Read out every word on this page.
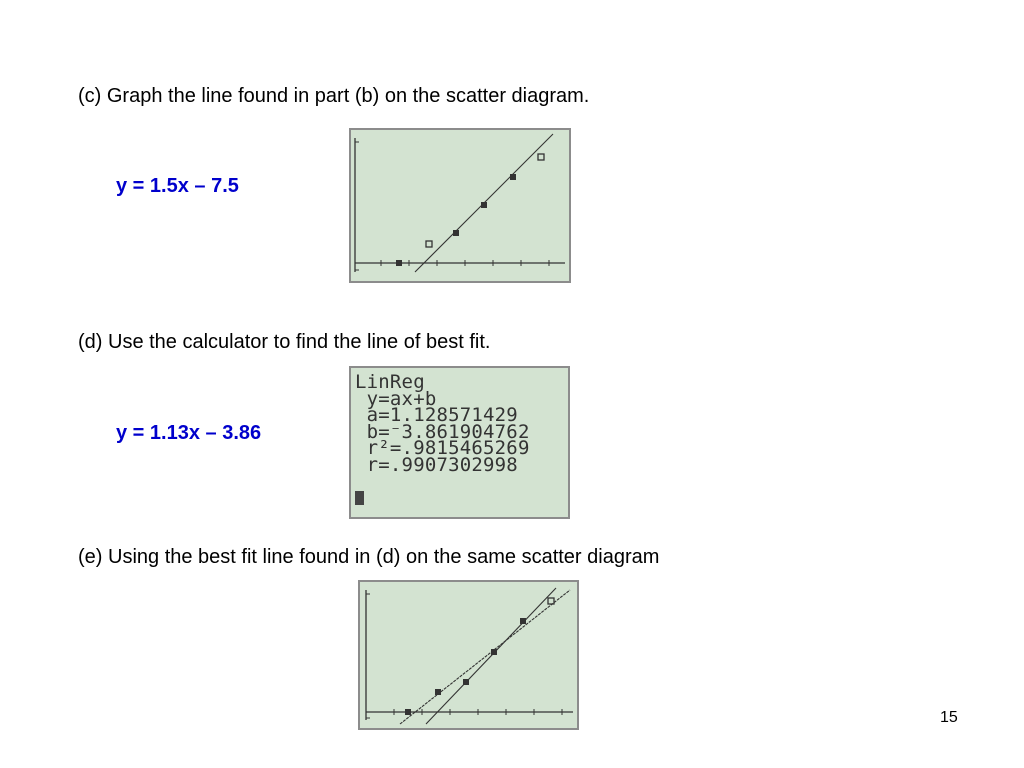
(c) Graph the line found in part (b) on the scatter diagram.
y = 1.5x – 7.5
(d) Use the calculator to find the line of best fit.
y = 1.13x – 3.86
LinReg
y=ax+b
a=1.128571429
b=⁻3.861904762
r²=.9815465269
r=.9907302998
(e) Using the best fit line found in (d) on the same scatter diagram
15
